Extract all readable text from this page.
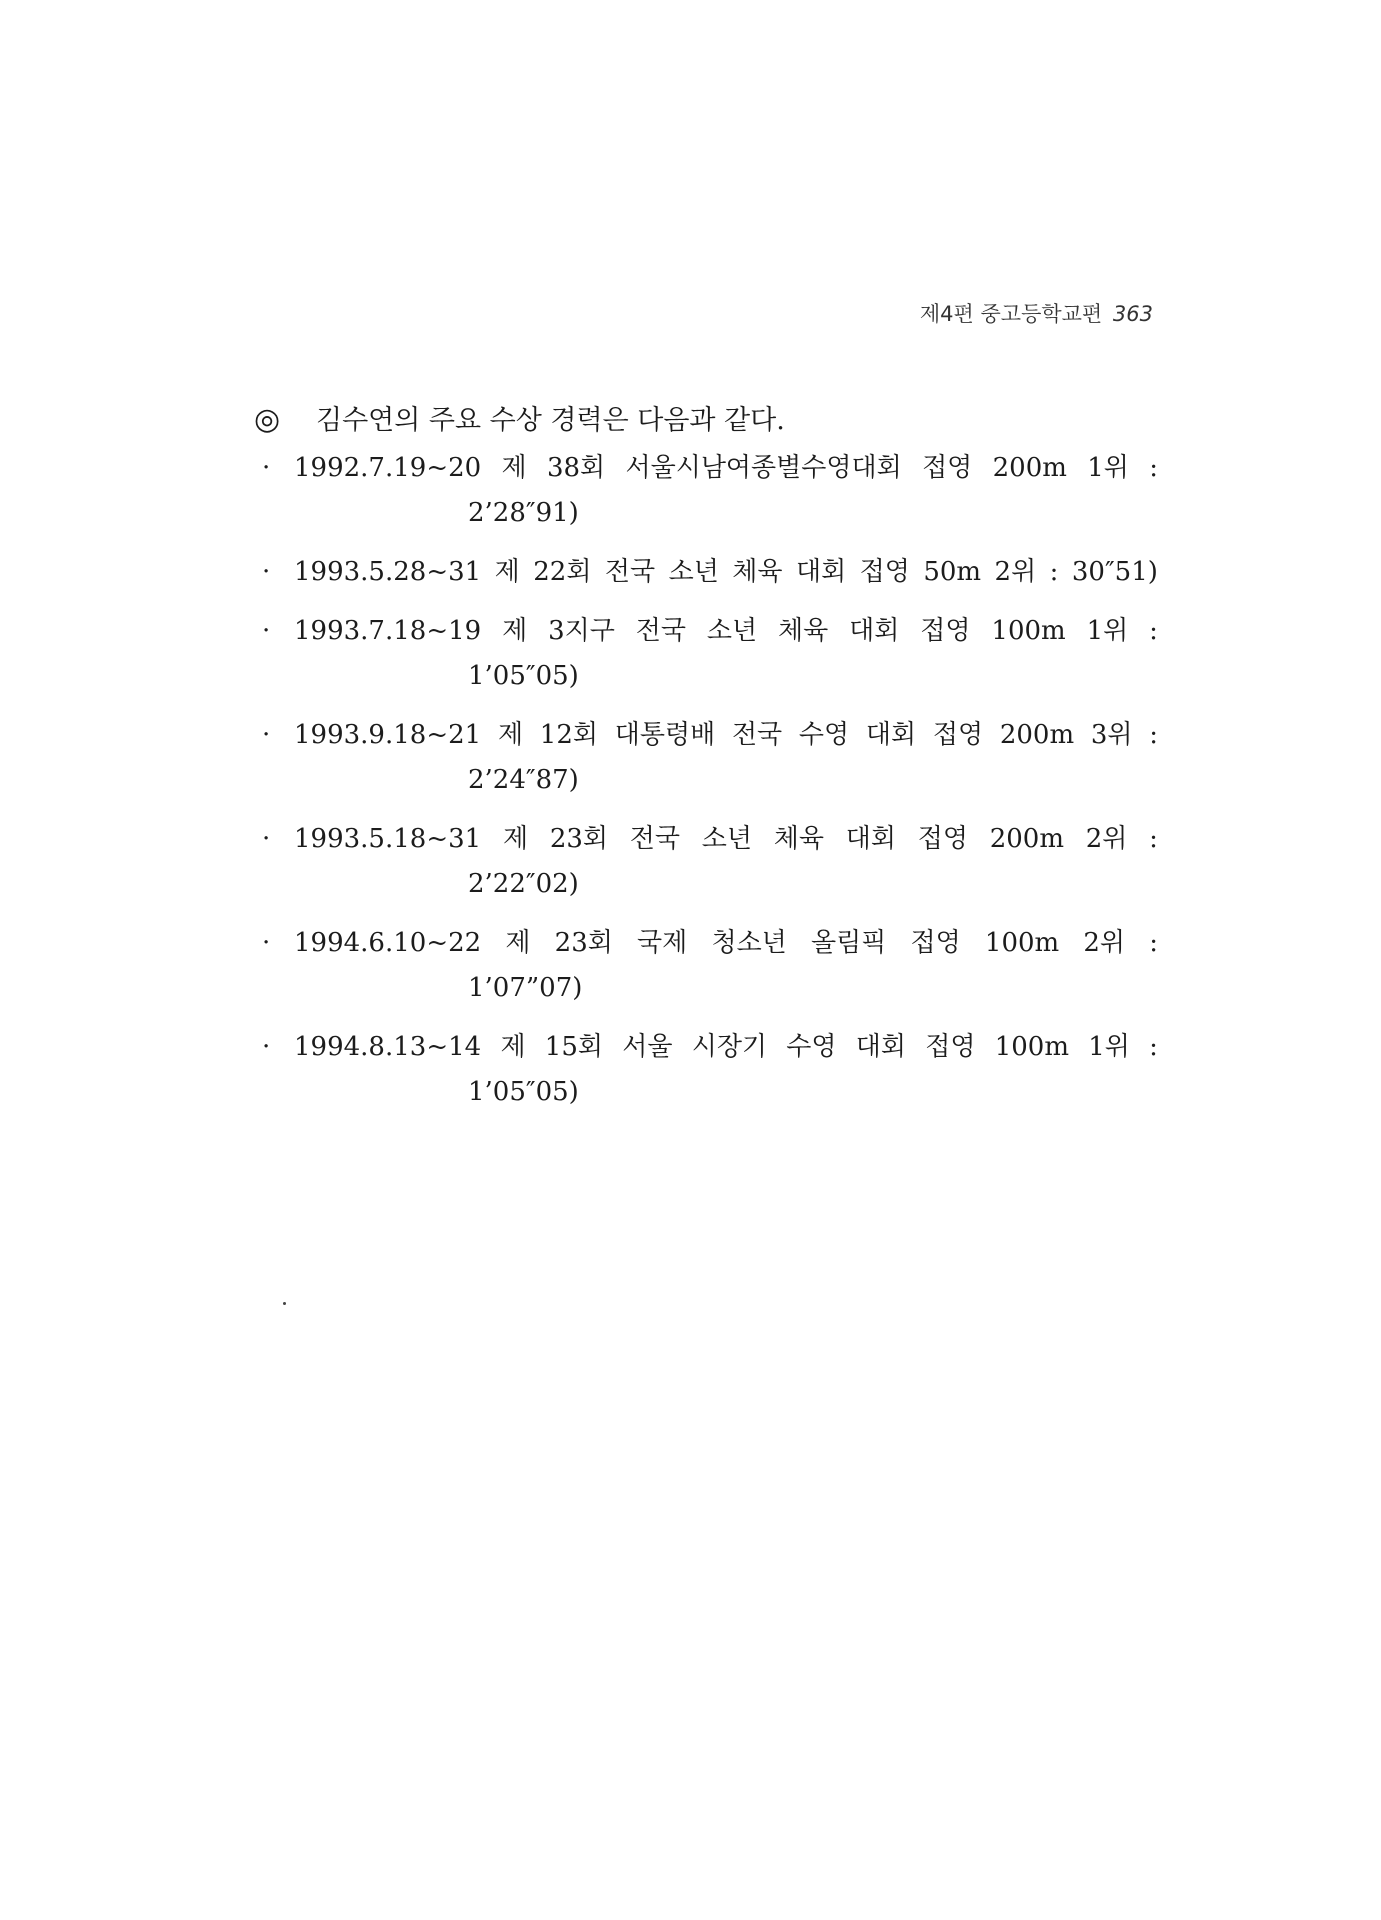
제4편 중고등학교편 363
◎ 김수연의 주요 수상 경력은 다음과 같다.
· 1992.7.19~20 제 38회 서울시남여종별수영대회 접영 200m 1위 :
2’28″91)
· 1993.5.28~31 제 22회 전국 소년 체육 대회 접영 50m 2위 : 30″51)
· 1993.7.18~19 제 3지구 전국 소년 체육 대회 접영 100m 1위 :
1’05″05)
· 1993.9.18~21 제 12회 대통령배 전국 수영 대회 접영 200m 3위 :
2’24″87)
· 1993.5.18~31 제 23회 전국 소년 체육 대회 접영 200m 2위 :
2’22″02)
· 1994.6.10~22 제 23회 국제 청소년 올림픽 접영 100m 2위 :
1’07”07)
· 1994.8.13~14 제 15회 서울 시장기 수영 대회 접영 100m 1위 :
1’05″05)
